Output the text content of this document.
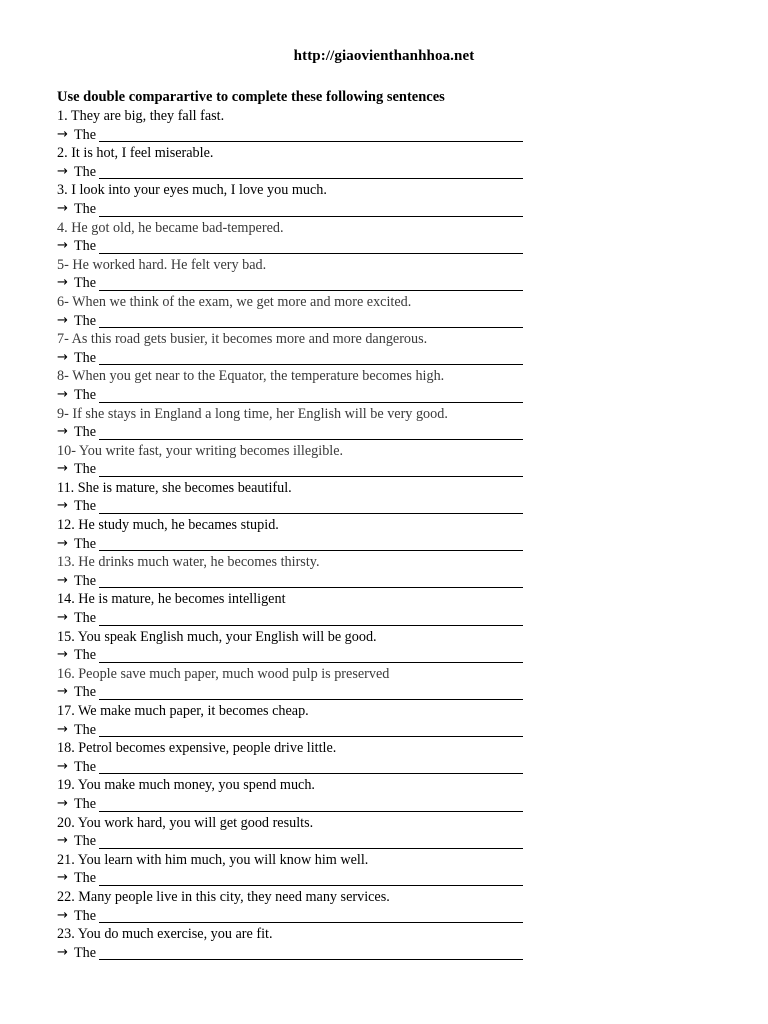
http://giaovienthanhhoa.net
Use double comparartive to complete these following sentences
1. They are big, they fall fast.
→ The
2. It is hot, I feel miserable.
→ The
3. I look into your eyes much, I love you much.
→ The
4. He got old, he became bad-tempered.
→ The
5- He worked hard. He felt very bad.
→ The
6- When we think of the exam, we get more and more excited.
→ The
7- As this road gets busier, it becomes more and more dangerous.
→ The
8- When you get near to the Equator, the temperature becomes high.
→ The
9- If she stays in England a long time, her English will be very good.
→ The
10- You write fast, your writing becomes illegible.
→ The
11. She is mature, she becomes beautiful.
→ The
12. He study much, he becames stupid.
→ The
13. He drinks much water, he becomes thirsty.
→ The
14. He is mature, he becomes intelligent
→ The
15. You speak English much, your English will be good.
→ The
16. People save much paper, much wood pulp is preserved
→ The
17. We make much paper, it becomes cheap.
→ The
18. Petrol becomes expensive, people drive little.
→ The
19. You make much money, you spend much.
→ The
20. You work hard, you will get good results.
→ The
21. You learn with him much, you will know him well.
→ The
22. Many people live in this city, they need many services.
→ The
23. You do much exercise, you are fit.
→ The
